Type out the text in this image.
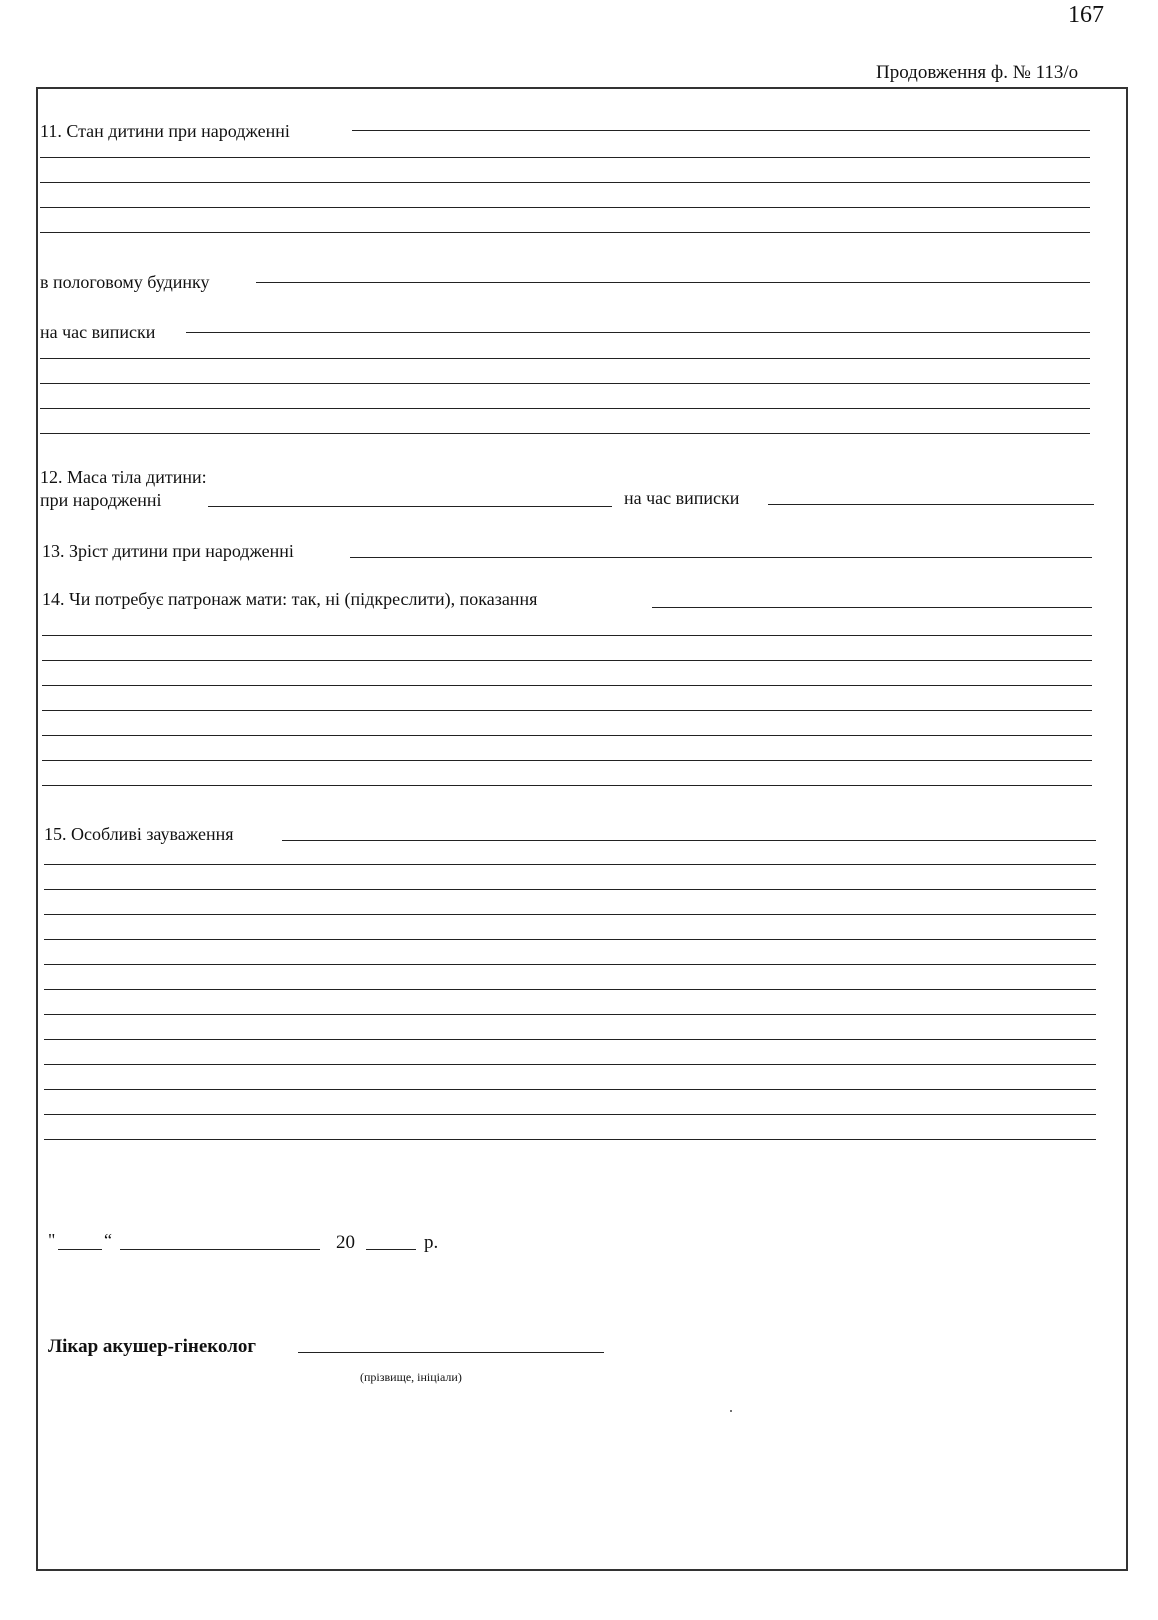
167
Продовження ф. № 113/о
11. Стан дитини при народженні
в пологовому будинку
на час виписки
12. Маса тіла дитини:
при народженні	на час виписки
13. Зріст дитини при народженні
14. Чи потребує патронаж мати: так, ні (підкреслити), показання
15. Особливі зауваження
"	“	20	р.
Лікар акушер-гінеколог
(прізвище, ініціали)
